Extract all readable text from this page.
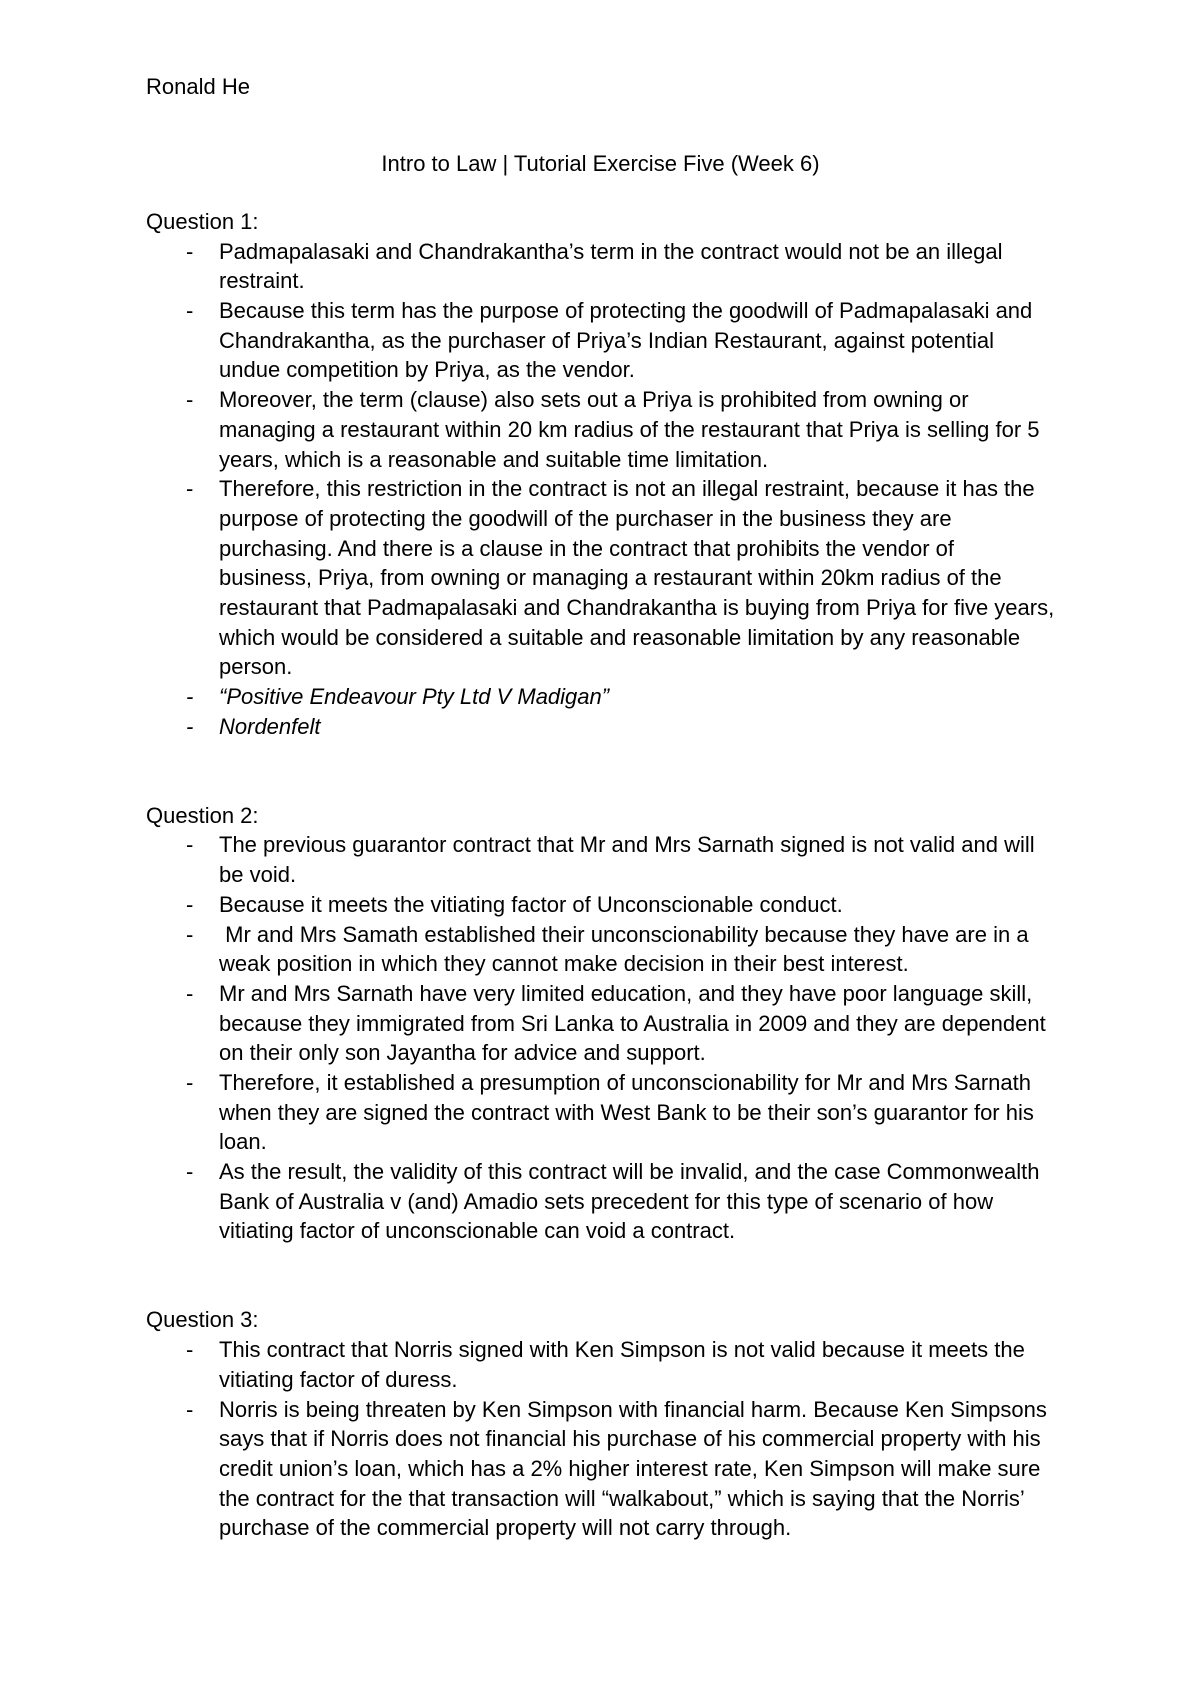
Ronald He
Intro to Law | Tutorial Exercise Five (Week 6)
Question 1:
- Padmapalasaki and Chandrakantha’s term in the contract would not be an illegal
restraint.
- Because this term has the purpose of protecting the goodwill of Padmapalasaki and
Chandrakantha, as the purchaser of Priya’s Indian Restaurant, against potential
undue competition by Priya, as the vendor.
- Moreover, the term (clause) also sets out a Priya is prohibited from owning or
managing a restaurant within 20 km radius of the restaurant that Priya is selling for 5
years, which is a reasonable and suitable time limitation.
- Therefore, this restriction in the contract is not an illegal restraint, because it has the
purpose of protecting the goodwill of the purchaser in the business they are
purchasing. And there is a clause in the contract that prohibits the vendor of
business, Priya, from owning or managing a restaurant within 20km radius of the
restaurant that Padmapalasaki and Chandrakantha is buying from Priya for five years,
which would be considered a suitable and reasonable limitation by any reasonable
person.
- “Positive Endeavour Pty Ltd V Madigan”
- Nordenfelt
Question 2:
- The previous guarantor contract that Mr and Mrs Sarnath signed is not valid and will
be void.
- Because it meets the vitiating factor of Unconscionable conduct.
- Mr and Mrs Samath established their unconscionability because they have are in a
weak position in which they cannot make decision in their best interest.
- Mr and Mrs Sarnath have very limited education, and they have poor language skill,
because they immigrated from Sri Lanka to Australia in 2009 and they are dependent
on their only son Jayantha for advice and support.
- Therefore, it established a presumption of unconscionability for Mr and Mrs Sarnath
when they are signed the contract with West Bank to be their son’s guarantor for his
loan.
- As the result, the validity of this contract will be invalid, and the case Commonwealth
Bank of Australia v (and) Amadio sets precedent for this type of scenario of how
vitiating factor of unconscionable can void a contract.
Question 3:
- This contract that Norris signed with Ken Simpson is not valid because it meets the
vitiating factor of duress.
- Norris is being threaten by Ken Simpson with financial harm. Because Ken Simpsons
says that if Norris does not financial his purchase of his commercial property with his
credit union’s loan, which has a 2% higher interest rate, Ken Simpson will make sure
the contract for the that transaction will “walkabout,” which is saying that the Norris’
purchase of the commercial property will not carry through.
